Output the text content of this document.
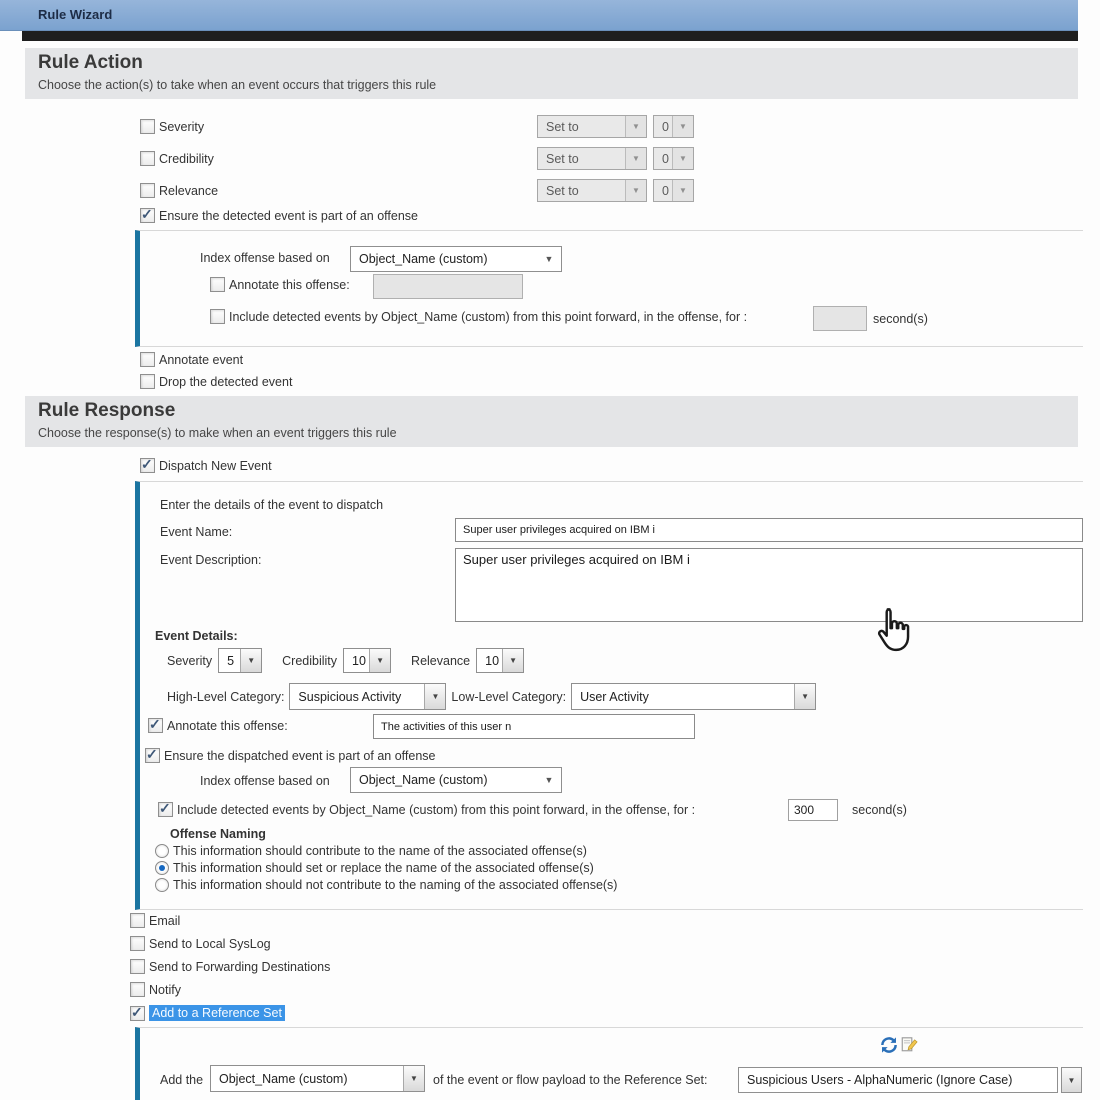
Rule Wizard
Rule Action
Choose the action(s) to take when an event occurs that triggers this rule
Severity	Set to	▼	0	▼
Credibility	Set to	▼	0	▼
Relevance	Set to	▼	0	▼
✓
Ensure the detected event is part of an offense
Index offense based on	Object_Name (custom)	▼
Annotate this offense:
Include detected events by Object_Name (custom) from this point forward, in the offense, for :	second(s)
Annotate event
Drop the detected event
Rule Response
Choose the response(s) to make when an event triggers this rule
✓
Dispatch New Event
Enter the details of the event to dispatch
Event Name:	Super user privileges acquired on IBM i
Event Description:	Super user privileges acquired on IBM i
Event Details:
Severity	5	▼	Credibility	10	▼	Relevance	10	▼
High-Level Category:	Suspicious Activity	▼ Low-Level Category:	User Activity	▼
✓
Annotate this offense:	The activities of this user n
✓
Ensure the dispatched event is part of an offense
Index offense based on	Object_Name (custom)	▼
✓
Include detected events by Object_Name (custom) from this point forward, in the offense, for :	300	second(s)
Offense Naming
This information should contribute to the name of the associated offense(s)
This information should set or replace the name of the associated offense(s)
This information should not contribute to the naming of the associated offense(s)
Email
Send to Local SysLog
Send to Forwarding Destinations
Notify
✓
Add to a Reference Set
Add the	Object_Name (custom)	▼	of the event or flow payload to the Reference Set:	Suspicious Users - AlphaNumeric (Ignore Case)	▼
